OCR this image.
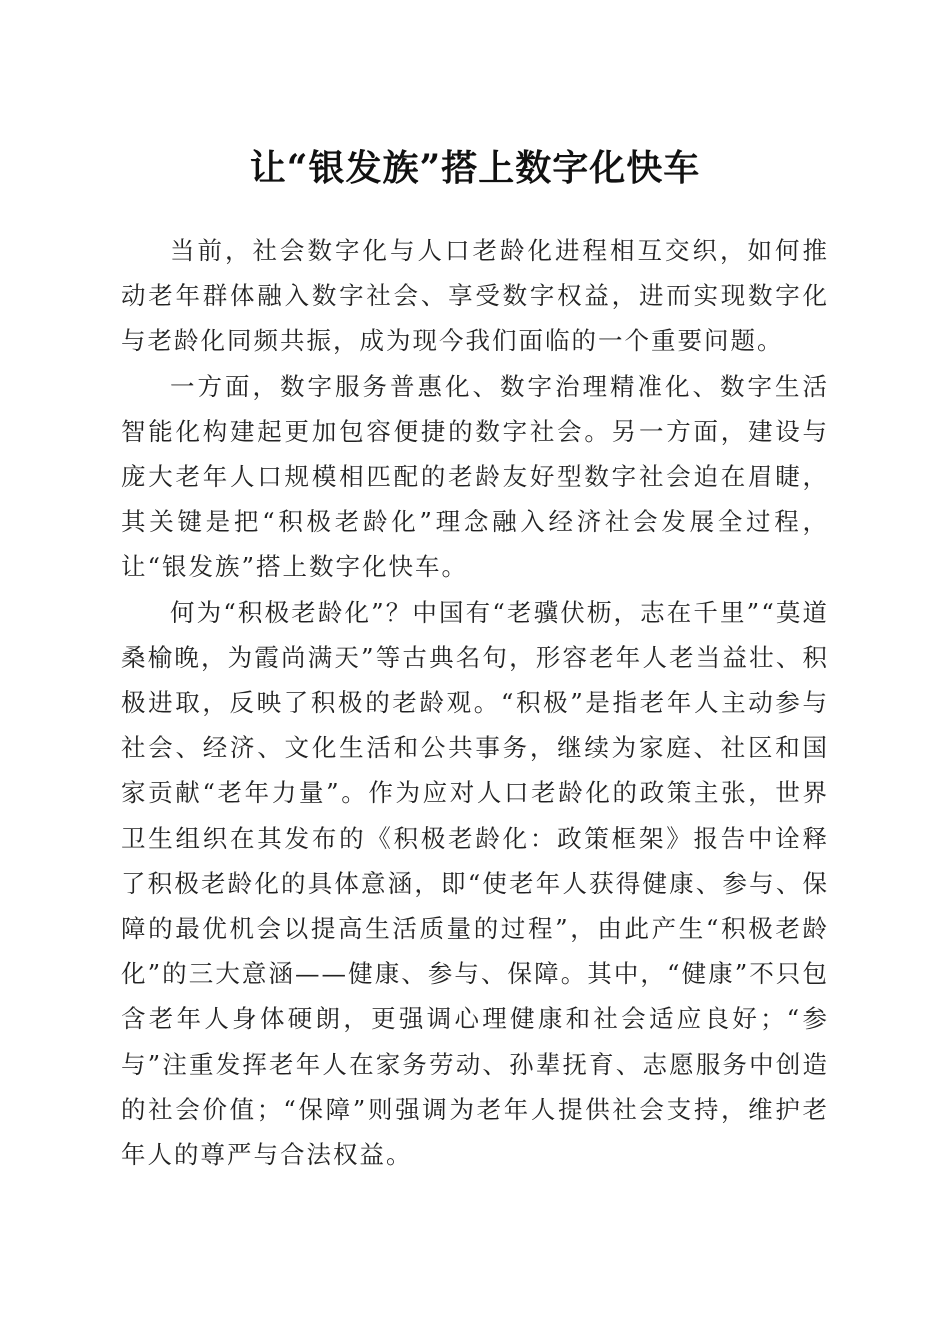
让“银发族”搭上数字化快车

当前，社会数字化与人口老龄化进程相互交织，如何推动老年群体融入数字社会、享受数字权益，进而实现数字化与老龄化同频共振，成为现今我们面临的一个重要问题。

一方面，数字服务普惠化、数字治理精准化、数字生活智能化构建起更加包容便捷的数字社会。另一方面，建设与庞大老年人口规模相匹配的老龄友好型数字社会迫在眉睫，其关键是把“积极老龄化”理念融入经济社会发展全过程，让“银发族”搭上数字化快车。

何为“积极老龄化”？中国有“老骥伏枥，志在千里”“莫道桑榆晚，为霞尚满天”等古典名句，形容老年人老当益壮、积极进取，反映了积极的老龄观。“积极”是指老年人主动参与社会、经济、文化生活和公共事务，继续为家庭、社区和国家贡献“老年力量”。作为应对人口老龄化的政策主张，世界卫生组织在其发布的《积极老龄化：政策框架》报告中诠释了积极老龄化的具体意涵，即“使老年人获得健康、参与、保障的最优机会以提高生活质量的过程”，由此产生“积极老龄化”的三大意涵——健康、参与、保障。其中，“健康”不只包含老年人身体硬朗，更强调心理健康和社会适应良好；“参与”注重发挥老年人在家务劳动、孙辈抚育、志愿服务中创造的社会价值；“保障”则强调为老年人提供社会支持，维护老年人的尊严与合法权益。
